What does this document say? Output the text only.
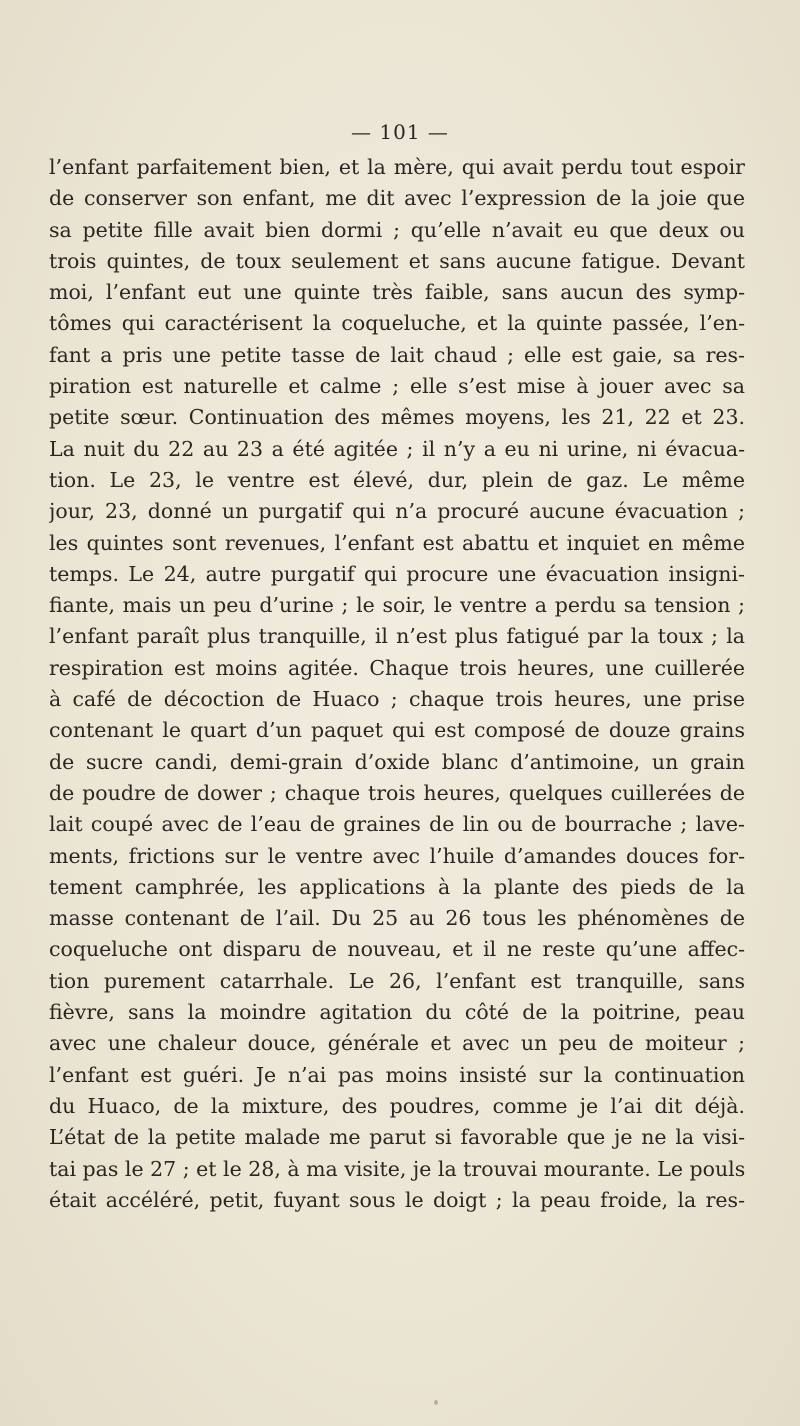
— 101 —
l’enfant parfaitement bien, et la mère, qui avait perdu tout espoir
de conserver son enfant, me dit avec l’expression de la joie que
sa petite fille avait bien dormi ; qu’elle n’avait eu que deux ou
trois quintes, de toux seulement et sans aucune fatigue. Devant
moi, l’enfant eut une quinte très faible, sans aucun des symp-
tômes qui caractérisent la coqueluche, et la quinte passée, l’en-
fant a pris une petite tasse de lait chaud ; elle est gaie, sa res-
piration est naturelle et calme ; elle s’est mise à jouer avec sa
petite sœur. Continuation des mêmes moyens, les 21, 22 et 23.
La nuit du 22 au 23 a été agitée ; il n’y a eu ni urine, ni évacua-
tion. Le 23, le ventre est élevé, dur, plein de gaz. Le même
jour, 23, donné un purgatif qui n’a procuré aucune évacuation ;
les quintes sont revenues, l’enfant est abattu et inquiet en même
temps. Le 24, autre purgatif qui procure une évacuation insigni-
fiante, mais un peu d’urine ; le soir, le ventre a perdu sa tension ;
l’enfant paraît plus tranquille, il n’est plus fatigué par la toux ; la
respiration est moins agitée. Chaque trois heures, une cuillerée
à café de décoction de Huaco ; chaque trois heures, une prise
contenant le quart d’un paquet qui est composé de douze grains
de sucre candi, demi-grain d’oxide blanc d’antimoine, un grain
de poudre de dower ; chaque trois heures, quelques cuillerées de
lait coupé avec de l’eau de graines de lin ou de bourrache ; lave-
ments, frictions sur le ventre avec l’huile d’amandes douces for-
tement camphrée, les applications à la plante des pieds de la
masse contenant de l’ail. Du 25 au 26 tous les phénomènes de
coqueluche ont disparu de nouveau, et il ne reste qu’une affec-
tion purement catarrhale. Le 26, l’enfant est tranquille, sans
fièvre, sans la moindre agitation du côté de la poitrine, peau
avec une chaleur douce, générale et avec un peu de moiteur ;
l’enfant est guéri. Je n’ai pas moins insisté sur la continuation
du Huaco, de la mixture, des poudres, comme je l’ai dit déjà.
L’état de la petite malade me parut si favorable que je ne la visi-
tai pas le 27 ; et le 28, à ma visite, je la trouvai mourante. Le pouls
était accéléré, petit, fuyant sous le doigt ; la peau froide, la res-
